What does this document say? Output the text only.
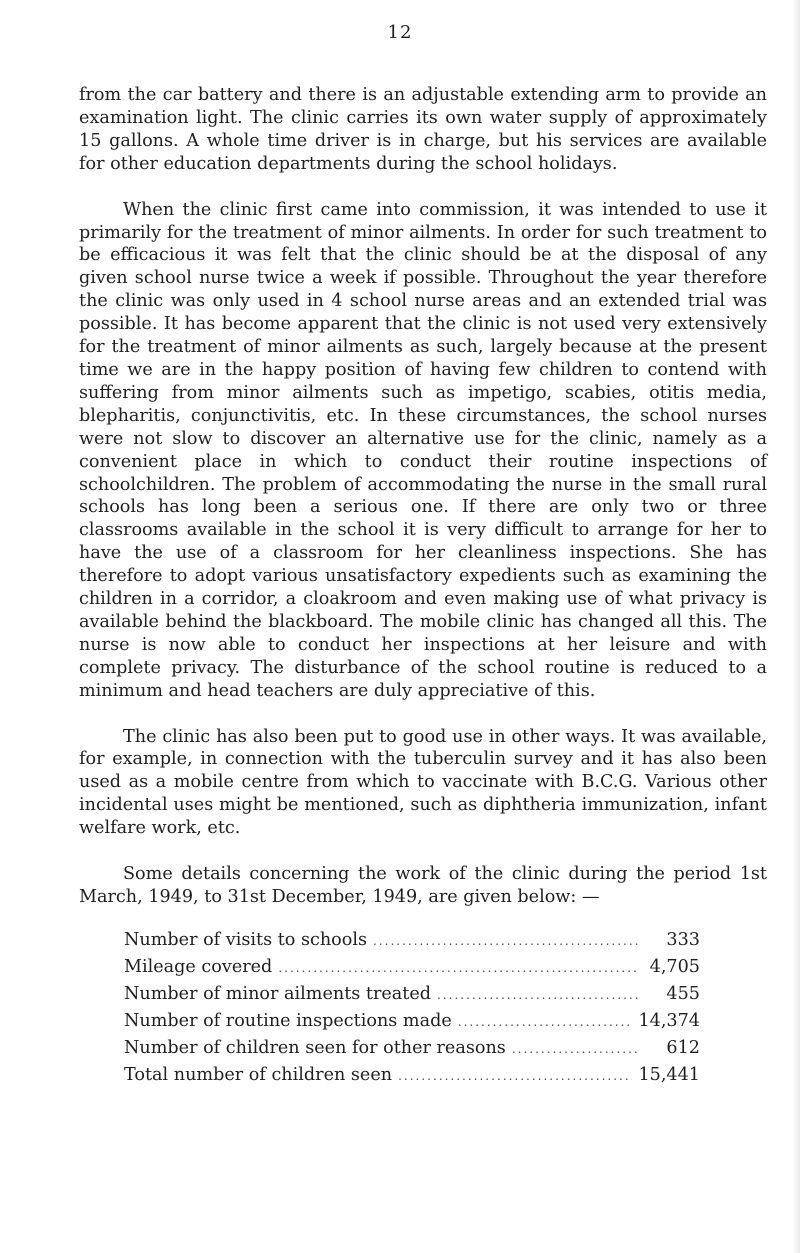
12

from the car battery and there is an adjustable extending arm to provide an examination light. The clinic carries its own water supply of approximately 15 gallons. A whole time driver is in charge, but his services are available for other education departments during the school holidays.

When the clinic first came into commission, it was intended to use it primarily for the treatment of minor ailments. In order for such treatment to be efficacious it was felt that the clinic should be at the disposal of any given school nurse twice a week if possible. Throughout the year therefore the clinic was only used in 4 school nurse areas and an extended trial was possible. It has become apparent that the clinic is not used very extensively for the treatment of minor ailments as such, largely because at the present time we are in the happy position of having few children to contend with suffering from minor ailments such as impetigo, scabies, otitis media, blepharitis, conjunctivitis, etc. In these circumstances, the school nurses were not slow to discover an alternative use for the clinic, namely as a convenient place in which to conduct their routine inspections of schoolchildren. The problem of accommodating the nurse in the small rural schools has long been a serious one. If there are only two or three classrooms available in the school it is very difficult to arrange for her to have the use of a classroom for her cleanliness inspections. She has therefore to adopt various unsatisfactory expedients such as examining the children in a corridor, a cloakroom and even making use of what privacy is available behind the blackboard. The mobile clinic has changed all this. The nurse is now able to conduct her inspections at her leisure and with complete privacy. The disturbance of the school routine is reduced to a minimum and head teachers are duly appreciative of this.

The clinic has also been put to good use in other ways. It was available, for example, in connection with the tuberculin survey and it has also been used as a mobile centre from which to vaccinate with B.C.G. Various other incidental uses might be mentioned, such as diphtheria immunization, infant welfare work, etc.

Some details concerning the work of the clinic during the period 1st March, 1949, to 31st December, 1949, are given below: —

Number of visits to schools .....	333
Mileage covered .....	4,705
Number of minor ailments treated .....	455
Number of routine inspections made .....	14,374
Number of children seen for other reasons .....	612
Total number of children seen .....	15,441
